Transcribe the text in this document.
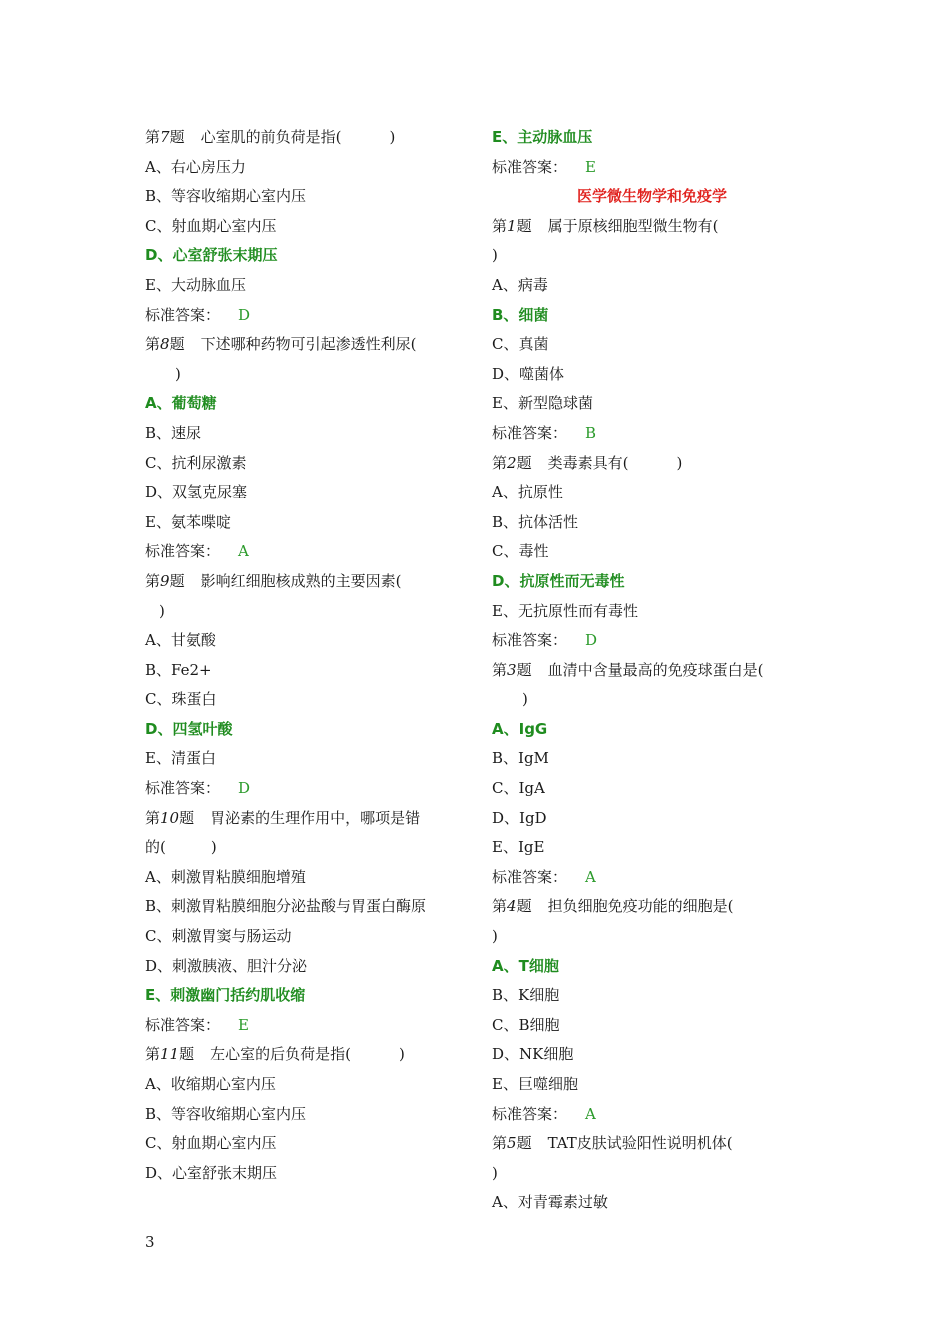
第7题 心室肌的前负荷是指(	)
A、右心房压力
B、等容收缩期心室内压
C、射血期心室内压
D、心室舒张末期压
E、大动脉血压
标准答案： D
第8题 下述哪种药物可引起渗透性利尿(
)
A、葡萄糖
B、速尿
C、抗利尿激素
D、双氢克尿塞
E、氨苯喋啶
标准答案： A
第9题 影响红细胞核成熟的主要因素(
)
A、甘氨酸
B、Fe2+
C、珠蛋白
D、四氢叶酸
E、清蛋白
标准答案： D
第10题 胃泌素的生理作用中，哪项是错
的(　　　)
A、刺激胃粘膜细胞增殖
B、刺激胃粘膜细胞分泌盐酸与胃蛋白酶原
C、刺激胃窦与肠运动
D、刺激胰液、胆汁分泌
E、刺激幽门括约肌收缩
标准答案： E
第11题 左心室的后负荷是指(	)
A、收缩期心室内压
B、等容收缩期心室内压
C、射血期心室内压
D、心室舒张末期压
E、主动脉血压
标准答案： E
医学微生物学和免疫学
第1题 属于原核细胞型微生物有(
)
A、病毒
B、细菌
C、真菌
D、噬菌体
E、新型隐球菌
标准答案： B
第2题 类毒素具有(	)
A、抗原性
B、抗体活性
C、毒性
D、抗原性而无毒性
E、无抗原性而有毒性
标准答案： D
第3题 血清中含量最高的免疫球蛋白是(
)
A、IgG
B、IgM
C、IgA
D、IgD
E、IgE
标准答案： A
第4题 担负细胞免疫功能的细胞是(
)
A、T细胞
B、K细胞
C、B细胞
D、NK细胞
E、巨噬细胞
标准答案： A
第5题 TAT皮肤试验阳性说明机体(
)
A、对青霉素过敏
3
